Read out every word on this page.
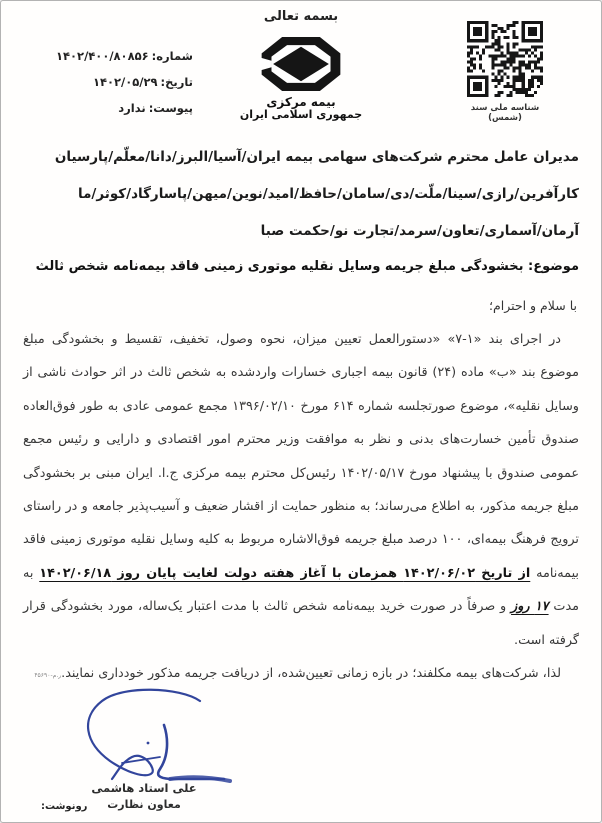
بسمه تعالی
شماره:۱۴۰۲/۴۰۰/۸۰۸۵۶
تاریخ:۱۴۰۲/۰۵/۲۹
پیوست:ندارد	بیمه مرکزی
جمهوری اسلامی ایران	شناسه ملی سند (شمس)
مدیران عامل محترم شرکت‌های سهامی بیمه ایران/آسیا/البرز/دانا/معلّم/پارسیان
کارآفرین/رازی/سینا/ملّت/دی/سامان/حافظ/امید/نوین/میهن/پاسارگاد/کوثر/ما
آرمان/آسماری/تعاون/سرمد/تجارت نو/حکمت صبا
موضوع: بخشودگی مبلغ جریمه وسایل نقلیه موتوری زمینی فاقد بیمه‌نامه شخص ثالث
با سلام و احترام؛

در اجرای بند «۱-۷» «دستورالعمل تعیین میزان، نحوه وصول، تخفیف، تقسیط و بخشودگی مبلغ موضوع بند «ب» ماده (۲۴) قانون بیمه اجباری خسارات واردشده به شخص ثالث در اثر حوادث ناشی از وسایل نقلیه»، موضوع صورتجلسه شماره ۶۱۴ مورخ ۱۳۹۶/۰۲/۱۰ مجمع عمومی عادی به طور فوق‌العاده صندوق تأمین خسارت‌های بدنی و نظر به موافقت وزیر محترم امور اقتصادی و دارایی و رئیس مجمع عمومی صندوق با پیشنهاد مورخ ۱۴۰۲/۰۵/۱۷ رئیس‌کل محترم بیمه مرکزی ج.ا. ایران مبنی بر بخشودگی مبلغ جریمه مذکور، به اطلاع می‌رساند؛ به منظور حمایت از اقشار ضعیف و آسیب‌پذیر جامعه و در راستای ترویج فرهنگ بیمه‌ای، ۱۰۰ درصد مبلغ جریمه فوق‌الاشاره مربوط به کلیه وسایل نقلیه موتوری زمینی فاقد بیمه‌نامه از تاریخ ۱۴۰۲/۰۶/۰۲ همزمان با آغاز هفته دولت لغایت پایان روز ۱۴۰۲/۰۶/۱۸ به مدت ۱۷ روز و صرفاً در صورت خرید بیمه‌نامه شخص ثالث با مدت اعتبار یک‌ساله، مورد بخشودگی قرار گرفته است.

لذا، شرکت‌های بیمه مکلفند؛ در بازه زمانی تعیین‌شده، از دریافت جریمه مذکور خودداری نمایند.ر.م-۴۵۶۹۰

علی استاد هاشمی
معاون نظارت
رونوشت:
